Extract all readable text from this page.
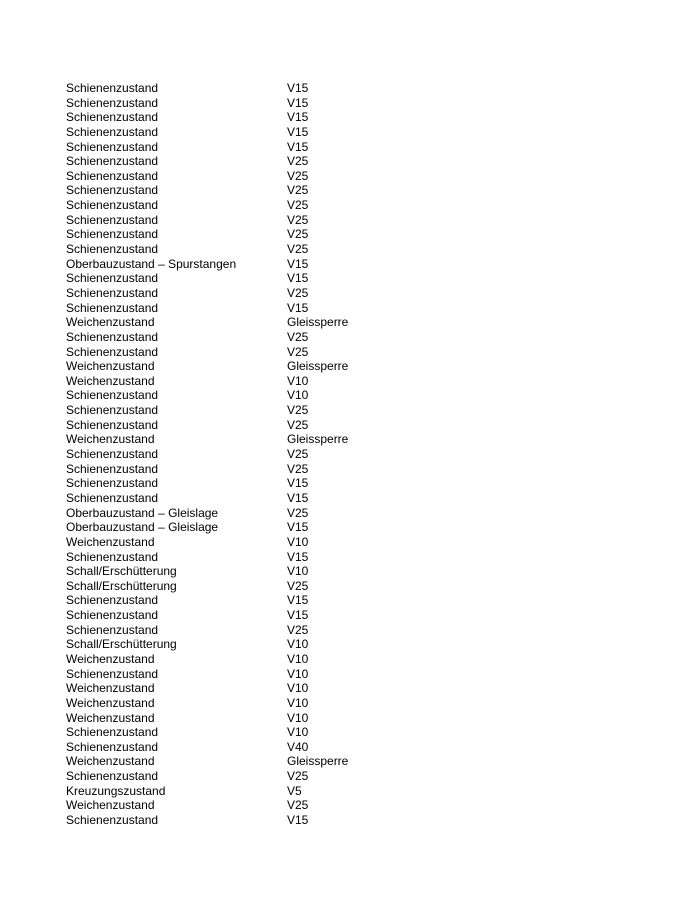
Schienenzustand	V15
Schienenzustand	V15
Schienenzustand	V15
Schienenzustand	V15
Schienenzustand	V15
Schienenzustand	V25
Schienenzustand	V25
Schienenzustand	V25
Schienenzustand	V25
Schienenzustand	V25
Schienenzustand	V25
Schienenzustand	V25
Oberbauzustand – Spurstangen	V15
Schienenzustand	V15
Schienenzustand	V25
Schienenzustand	V15
Weichenzustand	Gleissperre
Schienenzustand	V25
Schienenzustand	V25
Weichenzustand	Gleissperre
Weichenzustand	V10
Schienenzustand	V10
Schienenzustand	V25
Schienenzustand	V25
Weichenzustand	Gleissperre
Schienenzustand	V25
Schienenzustand	V25
Schienenzustand	V15
Schienenzustand	V15
Oberbauzustand – Gleislage	V25
Oberbauzustand – Gleislage	V15
Weichenzustand	V10
Schienenzustand	V15
Schall/Erschütterung	V10
Schall/Erschütterung	V25
Schienenzustand	V15
Schienenzustand	V15
Schienenzustand	V25
Schall/Erschütterung	V10
Weichenzustand	V10
Schienenzustand	V10
Weichenzustand	V10
Weichenzustand	V10
Weichenzustand	V10
Schienenzustand	V10
Schienenzustand	V40
Weichenzustand	Gleissperre
Schienenzustand	V25
Kreuzungszustand	V5
Weichenzustand	V25
Schienenzustand	V15
